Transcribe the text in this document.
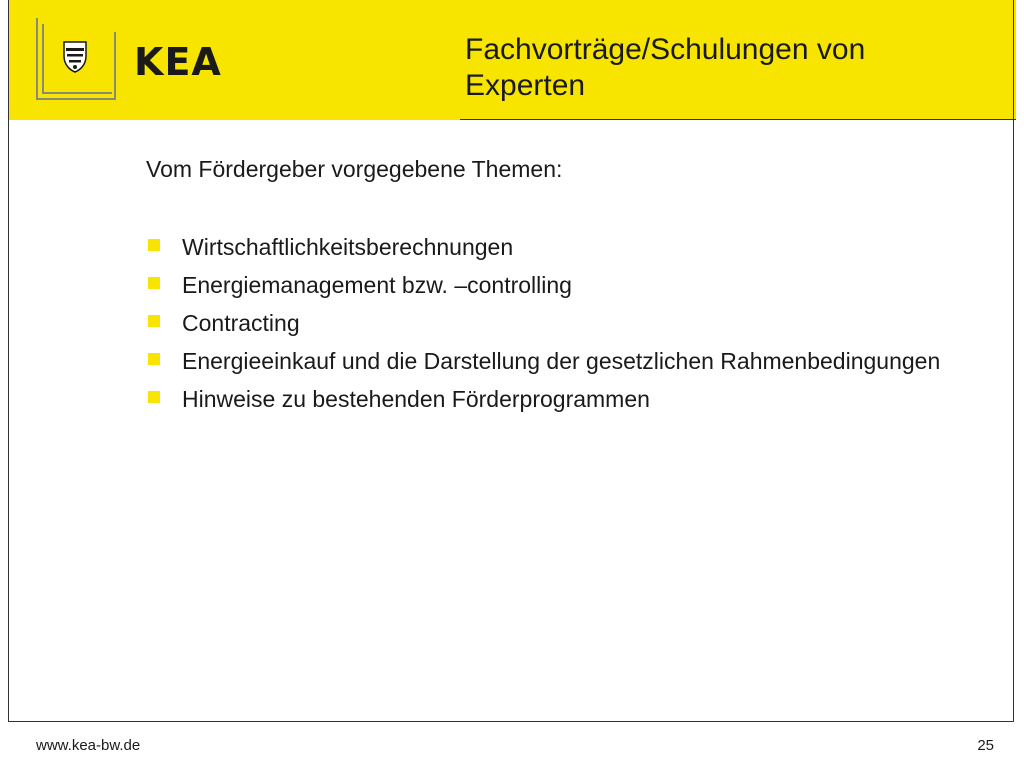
KEA	Fachvorträge/Schulungen von Experten
Vom Fördergeber vorgegebene Themen:
Wirtschaftlichkeitsberechnungen
Energiemanagement bzw. –controlling
Contracting
Energieeinkauf und die Darstellung der gesetzlichen Rahmenbedingungen
Hinweise zu bestehenden Förderprogrammen
www.kea-bw.de	25
